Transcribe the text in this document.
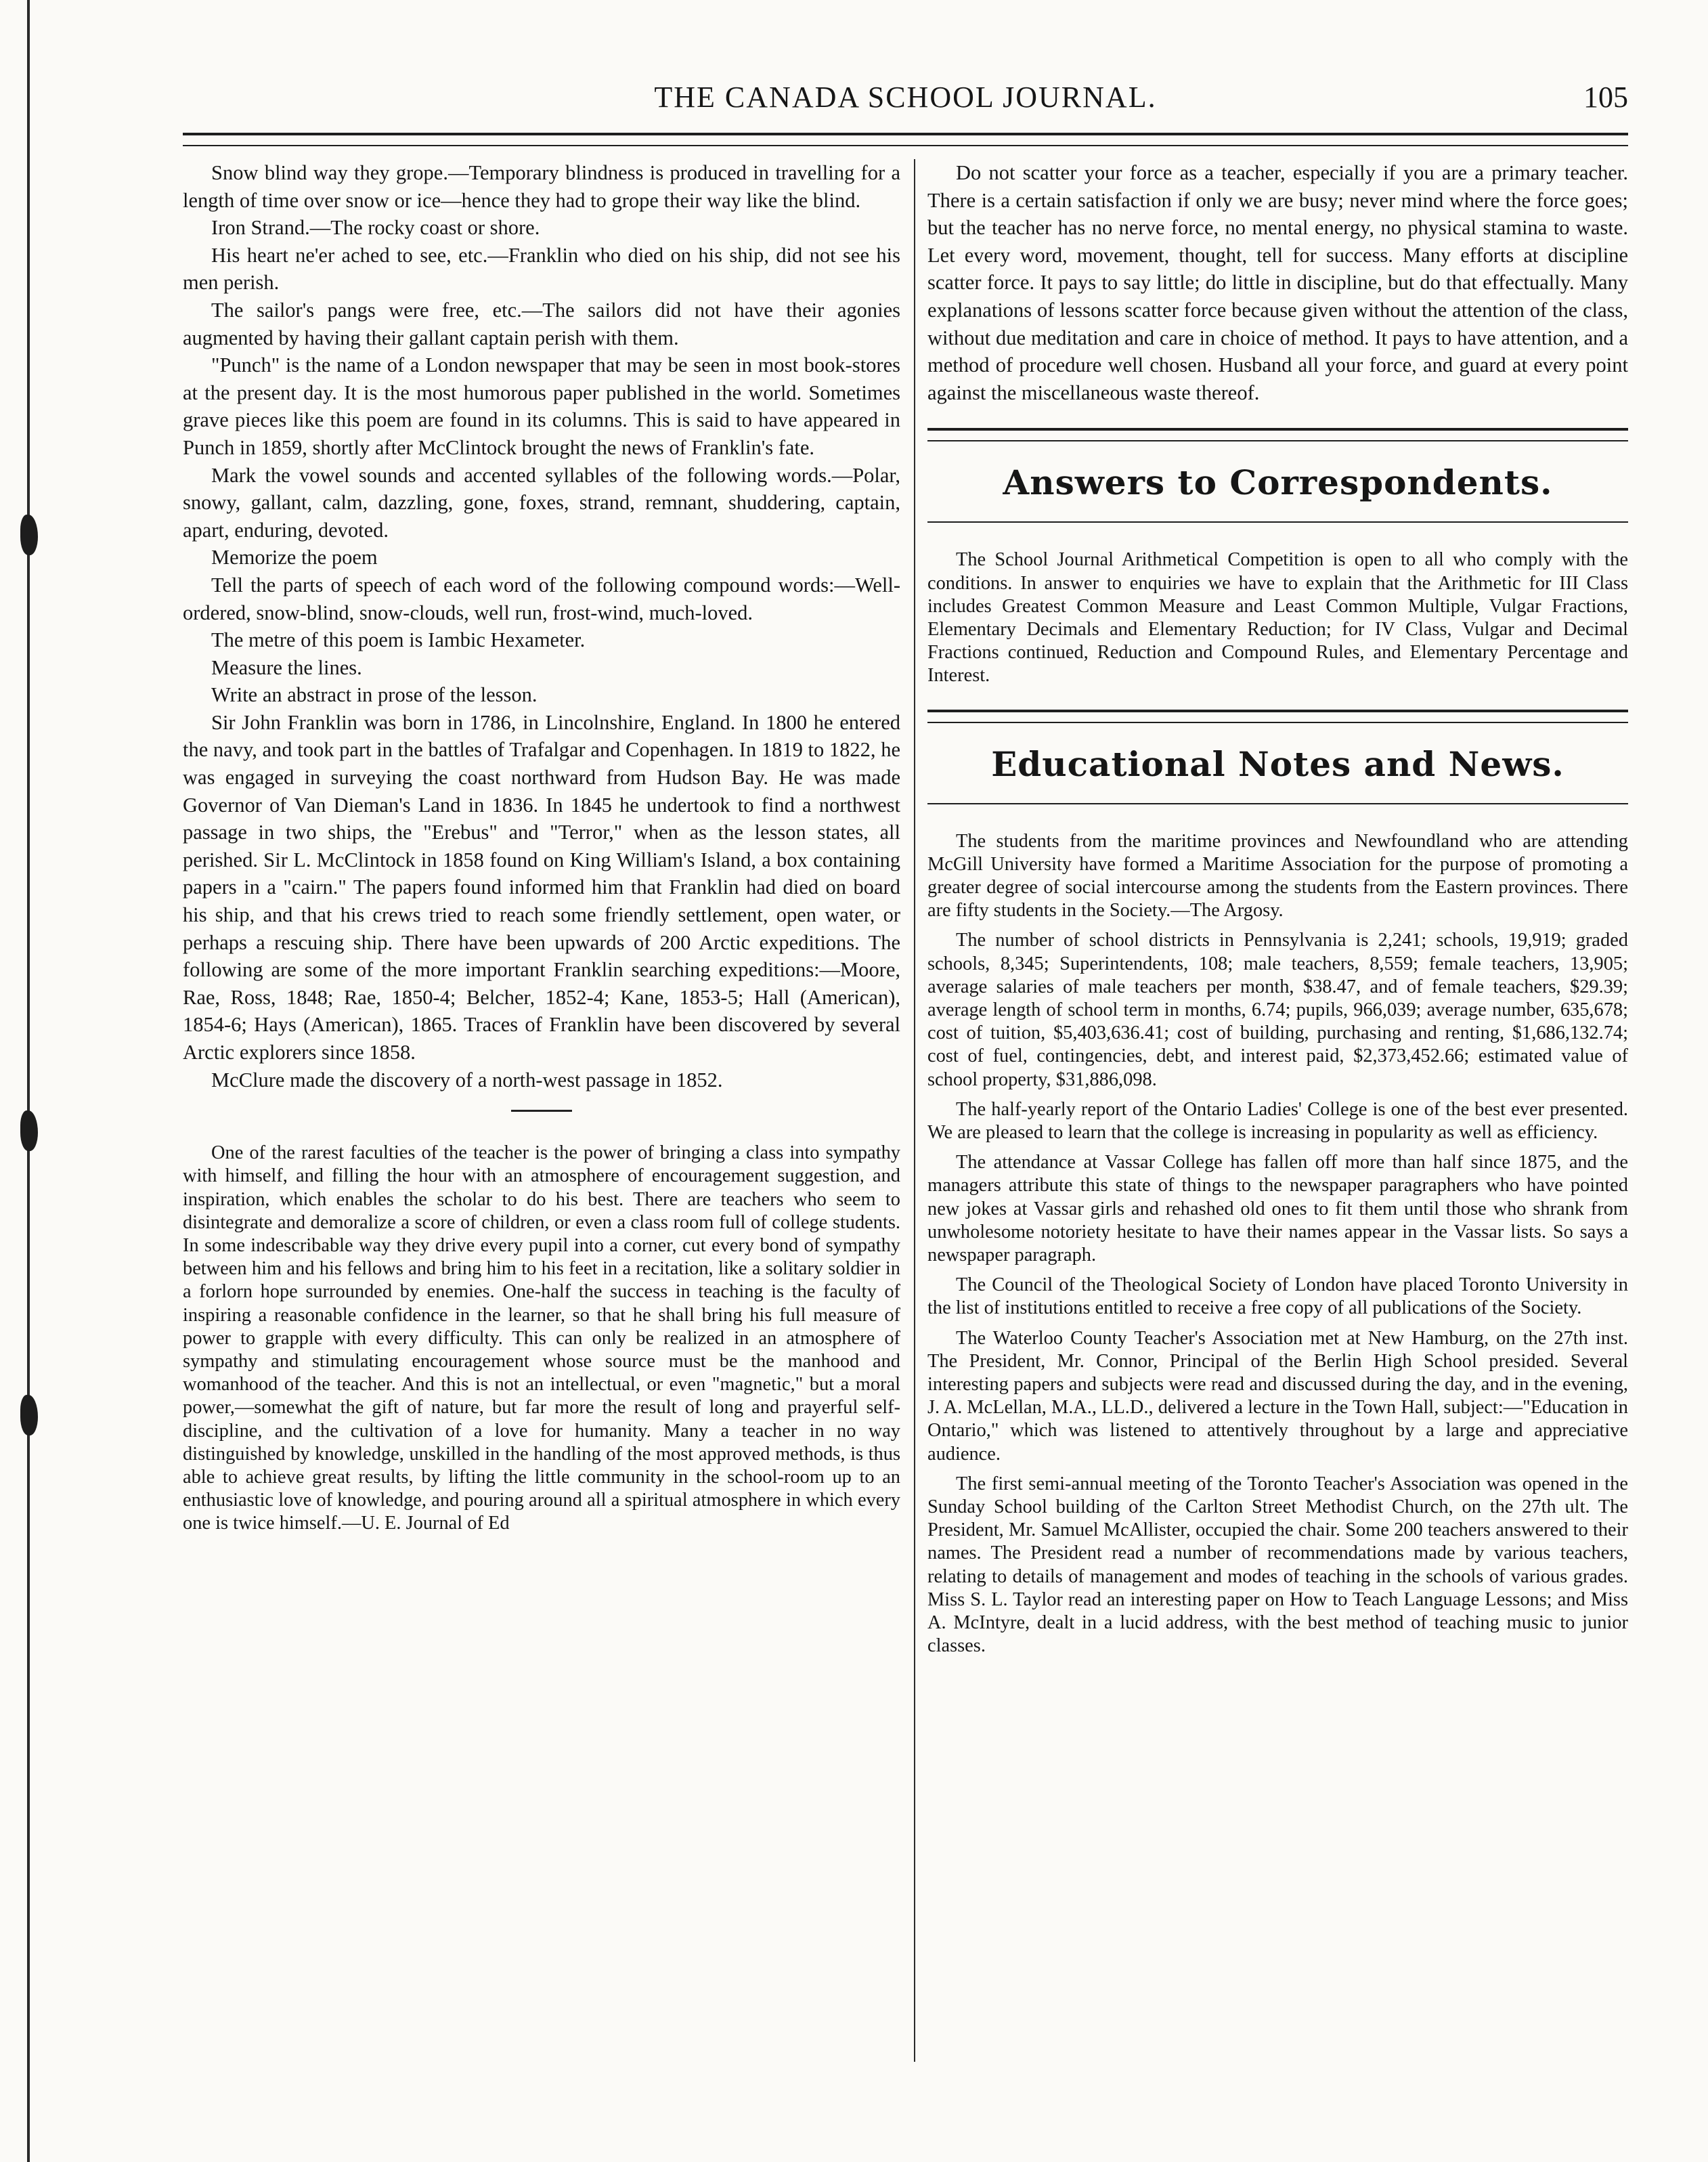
THE CANADA SCHOOL JOURNAL.	105

Snow blind way they grope.—Temporary blindness is produced in travelling for a length of time over snow or ice—hence they had to grope their way like the blind.

Iron Strand.—The rocky coast or shore.

His heart ne'er ached to see, etc.—Franklin who died on his ship, did not see his men perish.

The sailor's pangs were free, etc.—The sailors did not have their agonies augmented by having their gallant captain perish with them.

"Punch" is the name of a London newspaper that may be seen in most book-stores at the present day. It is the most humorous paper published in the world. Sometimes grave pieces like this poem are found in its columns. This is said to have appeared in Punch in 1859, shortly after McClintock brought the news of Franklin's fate.

Mark the vowel sounds and accented syllables of the following words.—Polar, snowy, gallant, calm, dazzling, gone, foxes, strand, remnant, shuddering, captain, apart, enduring, devoted.

Memorize the poem

Tell the parts of speech of each word of the following compound words:—Well-ordered, snow-blind, snow-clouds, well run, frost-wind, much-loved.

The metre of this poem is Iambic Hexameter.

Measure the lines.

Write an abstract in prose of the lesson.

Sir John Franklin was born in 1786, in Lincolnshire, England. In 1800 he entered the navy, and took part in the battles of Trafalgar and Copenhagen. In 1819 to 1822, he was engaged in surveying the coast northward from Hudson Bay. He was made Governor of Van Dieman's Land in 1836. In 1845 he undertook to find a northwest passage in two ships, the "Erebus" and "Terror," when as the lesson states, all perished. Sir L. McClintock in 1858 found on King William's Island, a box containing papers in a "cairn." The papers found informed him that Franklin had died on board his ship, and that his crews tried to reach some friendly settlement, open water, or perhaps a rescuing ship. There have been upwards of 200 Arctic expeditions. The following are some of the more important Franklin searching expeditions:—Moore, Rae, Ross, 1848; Rae, 1850-4; Belcher, 1852-4; Kane, 1853-5; Hall (American), 1854-6; Hays (American), 1865. Traces of Franklin have been discovered by several Arctic explorers since 1858.

McClure made the discovery of a north-west passage in 1852.

One of the rarest faculties of the teacher is the power of bringing a class into sympathy with himself, and filling the hour with an atmosphere of encouragement suggestion, and inspiration, which enables the scholar to do his best. There are teachers who seem to disintegrate and demoralize a score of children, or even a class room full of college students. In some indescribable way they drive every pupil into a corner, cut every bond of sympathy between him and his fellows and bring him to his feet in a recitation, like a solitary soldier in a forlorn hope surrounded by enemies. One-half the success in teaching is the faculty of inspiring a reasonable confidence in the learner, so that he shall bring his full measure of power to grapple with every difficulty. This can only be realized in an atmosphere of sympathy and stimulating encouragement whose source must be the manhood and womanhood of the teacher. And this is not an intellectual, or even "magnetic," but a moral power,—somewhat the gift of nature, but far more the result of long and prayerful self-discipline, and the cultivation of a love for humanity. Many a teacher in no way distinguished by knowledge, unskilled in the handling of the most approved methods, is thus able to achieve great results, by lifting the little community in the school-room up to an enthusiastic love of knowledge, and pouring around all a spiritual atmosphere in which every one is twice himself.—U. E. Journal of Ed

Do not scatter your force as a teacher, especially if you are a primary teacher. There is a certain satisfaction if only we are busy; never mind where the force goes; but the teacher has no nerve force, no mental energy, no physical stamina to waste. Let every word, movement, thought, tell for success. Many efforts at discipline scatter force. It pays to say little; do little in discipline, but do that effectually. Many explanations of lessons scatter force because given without the attention of the class, without due meditation and care in choice of method. It pays to have attention, and a method of procedure well chosen. Husband all your force, and guard at every point against the miscellaneous waste thereof.

Answers to Correspondents.

The School Journal Arithmetical Competition is open to all who comply with the conditions. In answer to enquiries we have to explain that the Arithmetic for III Class includes Greatest Common Measure and Least Common Multiple, Vulgar Fractions, Elementary Decimals and Elementary Reduction; for IV Class, Vulgar and Decimal Fractions continued, Reduction and Compound Rules, and Elementary Percentage and Interest.

Educational Notes and News.

The students from the maritime provinces and Newfoundland who are attending McGill University have formed a Maritime Association for the purpose of promoting a greater degree of social intercourse among the students from the Eastern provinces. There are fifty students in the Society.—The Argosy.

The number of school districts in Pennsylvania is 2,241; schools, 19,919; graded schools, 8,345; Superintendents, 108; male teachers, 8,559; female teachers, 13,905; average salaries of male teachers per month, $38.47, and of female teachers, $29.39; average length of school term in months, 6.74; pupils, 966,039; average number, 635,678; cost of tuition, $5,403,636.41; cost of building, purchasing and renting, $1,686,132.74; cost of fuel, contingencies, debt, and interest paid, $2,373,452.66; estimated value of school property, $31,886,098.

The half-yearly report of the Ontario Ladies' College is one of the best ever presented. We are pleased to learn that the college is increasing in popularity as well as efficiency.

The attendance at Vassar College has fallen off more than half since 1875, and the managers attribute this state of things to the newspaper paragraphers who have pointed new jokes at Vassar girls and rehashed old ones to fit them until those who shrank from unwholesome notoriety hesitate to have their names appear in the Vassar lists. So says a newspaper paragraph.

The Council of the Theological Society of London have placed Toronto University in the list of institutions entitled to receive a free copy of all publications of the Society.

The Waterloo County Teacher's Association met at New Hamburg, on the 27th inst. The President, Mr. Connor, Principal of the Berlin High School presided. Several interesting papers and subjects were read and discussed during the day, and in the evening, J. A. McLellan, M.A., LL.D., delivered a lecture in the Town Hall, subject:—"Education in Ontario," which was listened to attentively throughout by a large and appreciative audience.

The first semi-annual meeting of the Toronto Teacher's Association was opened in the Sunday School building of the Carlton Street Methodist Church, on the 27th ult. The President, Mr. Samuel McAllister, occupied the chair. Some 200 teachers answered to their names. The President read a number of recommendations made by various teachers, relating to details of management and modes of teaching in the schools of various grades. Miss S. L. Taylor read an interesting paper on How to Teach Language Lessons; and Miss A. McIntyre, dealt in a lucid address, with the best method of teaching music to junior classes.
